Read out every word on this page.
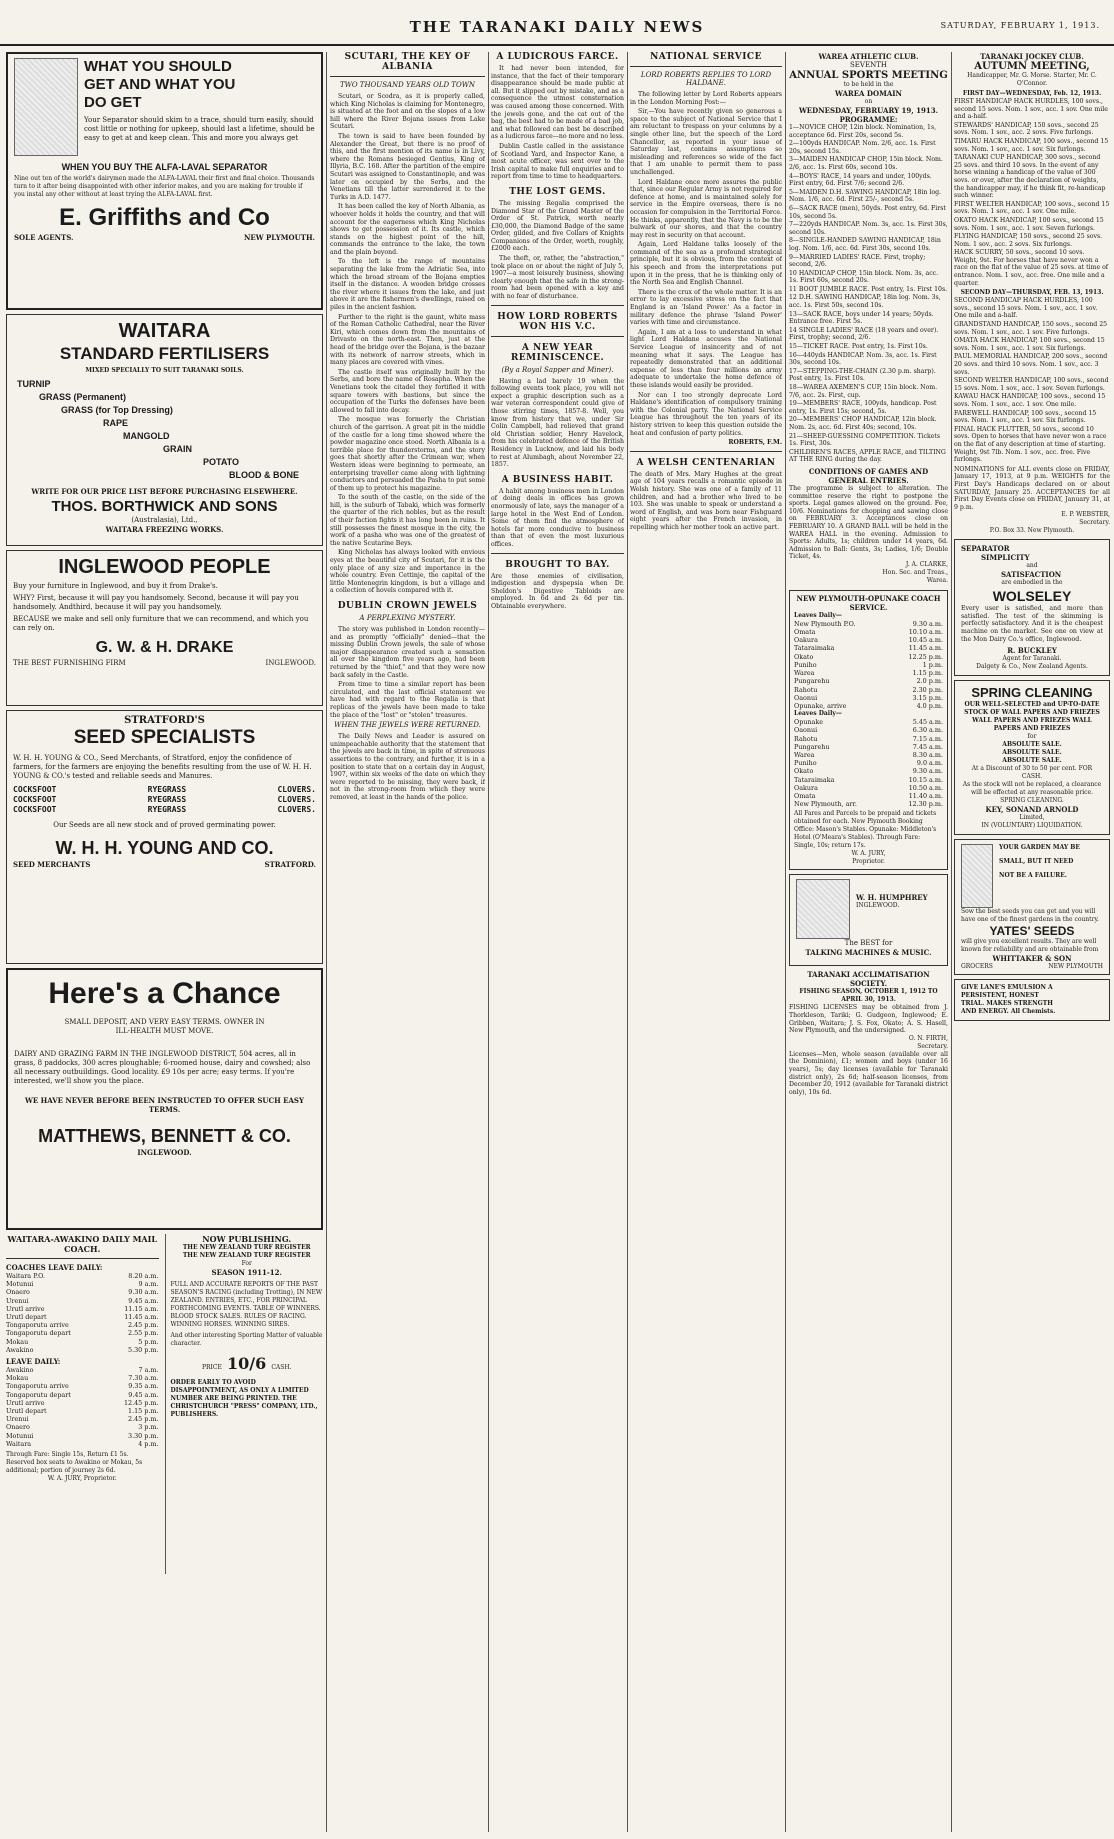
THE TARANAKI DAILY NEWS	SATURDAY, FEBRUARY 1, 1913.
WHAT YOU SHOULD
GET AND WHAT YOU
DO GET
Your Separator should skim to a trace, should turn easily, should cost little or nothing for upkeep, should last a lifetime, should be easy to get at and keep clean. This and more you always get
WHEN YOU BUY THE ALFA-LAVAL SEPARATOR
Nine out ten of the world's dairymen made the ALFA-LAVAL their first and final choice. Thousands turn to it after being disappointed with other inferior makes, and you are making for trouble if you instal any other without at least trying the ALFA-LAVAL first.
E. Griffiths and Co
SOLE AGENTS.	NEW PLYMOUTH.
WAITARA
STANDARD FERTILISERS
MIXED SPECIALLY TO SUIT TARANAKI SOILS.
TURNIP
GRASS (Permanent)
GRASS (for Top Dressing)
RAPE
MANGOLD
GRAIN
POTATO
BLOOD & BONE
WRITE FOR OUR PRICE LIST BEFORE PURCHASING ELSEWHERE.
THOS. BORTHWICK AND SONS
(Australasia), Ltd.,
WAITARA FREEZING WORKS.
INGLEWOOD PEOPLE
Buy your furniture in Inglewood, and buy it from Drake's.
WHY? First, because it will pay you handsomely. Second, because it will pay you handsomely. Andthird, because it will pay you handsomely.
BECAUSE we make and sell only furniture that we can recommend, and which you can rely on.
G. W. & H. DRAKE
THE BEST FURNISHING FIRM	INGLEWOOD.
STRATFORD'S
SEED SPECIALISTS
W. H. H. YOUNG & CO., Seed Merchants, of Stratford, enjoy the confidence of farmers, for the farmers are enjoying the benefits resulting from the use of W. H. H. YOUNG & CO.'s tested and reliable seeds and Manures.
COCKSFOOT	RYEGRASS	CLOVERS.
COCKSFOOT	RYEGRASS	CLOVERS.
COCKSFOOT	RYEGRASS	CLOVERS.
Our Seeds are all new stock and of proved germinating power.
W. H. H. YOUNG AND CO.
SEED MERCHANTS	STRATFORD.
Here's a Chance
SMALL DEPOSIT, AND VERY EASY TERMS. OWNER IN ILL-HEALTH MUST MOVE.
DAIRY AND GRAZING FARM IN THE INGLEWOOD DISTRICT, 504 acres, all in grass, 8 paddocks, 300 acres ploughable; 6-roomed house, dairy and cowshed; also all necessary outbuildings. Good locality. £9 10s per acre; easy terms. If you're interested, we'll show you the place.
WE HAVE NEVER BEFORE BEEN INSTRUCTED TO OFFER SUCH EASY TERMS.
MATTHEWS, BENNETT & CO.
INGLEWOOD.
WAITARA-AWAKINO DAILY MAIL COACH.
COACHES LEAVE DAILY:
Waitara P.O.	8.20 a.m.
Motunui	9 a.m.
Onaero	9.30 a.m.
Urenui	9.45 a.m.
Urutl arrive	11.15 a.m.
Urutl depart	11.45 a.m.
Tongaporutu arrive	2.45 p.m.
Tongaporutu depart	2.55 p.m.
Mokau	5 p.m.
Awakino	5.30 p.m.
LEAVE DAILY:
Awakino	7 a.m.
Mokau	7.30 a.m.
Tongaporutu arrive	9.35 a.m.
Tongaporutu depart	9.45 a.m.
Urutl arrive	12.45 p.m.
Urutl depart	1.15 p.m.
Urenui	2.45 p.m.
Onaero	3 p.m.
Motunui	3.30 p.m.
Waitara	4 p.m.
Through Fare: Single 15s, Return £1 5s. Reserved box seats to Awakino or Mokau, 5s additional; portion of journey 2s 6d.
W. A. JURY, Proprietor.
NOW PUBLISHING.
THE NEW ZEALAND TURF REGISTER
THE NEW ZEALAND TURF REGISTER
For
SEASON 1911-12.
FULL AND ACCURATE REPORTS OF THE PAST SEASON'S RACING (including Trotting), IN NEW ZEALAND. ENTRIES, ETC., FOR PRINCIPAL FORTHCOMING EVENTS. TABLE OF WINNERS. BLOOD STOCK SALES. RULES OF RACING. WINNING HORSES. WINNING SIRES.
And other interesting Sporting Matter of valuable character.
PRICE 10/6 CASH.
ORDER EARLY TO AVOID DISAPPOINTMENT, AS ONLY A LIMITED NUMBER ARE BEING PRINTED. THE CHRISTCHURCH "PRESS" COMPANY, LTD., PUBLISHERS.
SCUTARI, THE KEY OF ALBANIA
TWO THOUSAND YEARS OLD TOWN

Scutari, or Scodra, as it is properly called, which King Nicholas is claiming for Montenegro, is situated at the foot and on the slopes of a low hill where the River Bojana issues from Lake Scutari.

The town is said to have been founded by Alexander the Great, but there is no proof of this, and the first mention of its name is in Livy, where the Romans besieged Gentius, King of Illyria, B.C. 168. After the partition of the empire Scutari was assigned to Constantinople, and was later on occupied by the Serbs, and the Venetians till the latter surrendered it to the Turks in A.D. 1477.

It has been called the key of North Albania, as whoever holds it holds the country, and that will account for the eagerness which King Nicholas shows to get possession of it. Its castle, which stands on the highest point of the hill, commands the entrance to the lake, the town and the plain beyond.

To the left is the range of mountains separating the lake from the Adriatic Sea, into which the broad stream of the Bojana empties itself in the distance. A wooden bridge crosses the river where it issues from the lake, and just above it are the fishermen's dwellings, raised on piles in the ancient fashion.

Further to the right is the gaunt, white mass of the Roman Catholic Cathedral, near the River Kiri, which comes down from the mountains of Drivasto on the north-east. Then, just at the head of the bridge over the Bojana, is the bazaar with its network of narrow streets, which in many places are covered with vines.

The castle itself was originally built by the Serbs, and bore the name of Rosapha. When the Venetians took the citadel they fortified it with square towers with bastions, but since the occupation of the Turks the defenses have been allowed to fall into decay.

The mosque was formerly the Christian church of the garrison. A great pit in the middle of the castle for a long time showed where the powder magazine once stood. North Albania is a terrible place for thunderstorms, and the story goes that shortly after the Crimean war, when Western ideas were beginning to permeate, an enterprising traveller came along with lightning conductors and persuaded the Pasha to put some of them up to protect his magazine.

To the south of the castle, on the side of the hill, is the suburb of Tabaki, which was formerly the quarter of the rich nobles, but as the result of their faction fights it has long been in ruins. It still possesses the finest mosque in the city, the work of a pasha who was one of the greatest of the native Scutarine Beys.

King Nicholas has always looked with envious eyes at the beautiful city of Scutari, for it is the only place of any size and importance in the whole country. Even Cettinje, the capital of the little Montenegrin kingdom, is but a village and a collection of hovels compared with it.

DUBLIN CROWN JEWELS
A PERPLEXING MYSTERY.

The story was published in London recently—and as promptly "officially" denied—that the missing Dublin Crown jewels, the sale of whose major disappearance created such a sensation all over the kingdom five years ago, had been returned by the "thief," and that they were now back safely in the Castle.

From time to time a similar report has been circulated, and the last official statement we have had with regard to the Regalia is that replicas of the jewels have been made to take the place of the "lost" or "stolen" treasures.

WHEN THE JEWELS WERE RETURNED.

The Daily News and Leader is assured on unimpeachable authority that the statement that the jewels are back in time, in spite of strenuous assertions to the contrary, and further, it is in a position to state that on a certain day in August, 1907, within six weeks of the date on which they were reported to be missing, they were back, if not in the strong-room from which they were removed, at least in the hands of the police.

A LUDICROUS FARCE.

It had never been intended, for instance, that the fact of their temporary disappearance should be made public at all. But it slipped out by mistake, and as a consequence the utmost consternation was caused among those concerned. With the jewels gone, and the cat out of the bag, the best had to be made of a bad job, and what followed can best be described as a ludicrous farce—no more and no less.

Dublin Castle called in the assistance of Scotland Yard, and Inspector Kane, a most acute officer, was sent over to the Irish capital to make full enquiries and to report from time to time to headquarters.

THE LOST GEMS.

The missing Regalia comprised the Diamond Star of the Grand Master of the Order of St. Patrick, worth nearly £30,000, the Diamond Badge of the same Order, gilded, and five Collars of Knights Companions of the Order, worth, roughly, £2000 each.

The theft, or, rather, the "abstraction," took place on or about the night of July 5, 1907—a most leisurely business, showing clearly enough that the safe in the strong-room had been opened with a key and with no fear of disturbance.

HOW LORD ROBERTS WON HIS V.C.
A NEW YEAR REMINISCENCE.
(By a Royal Sapper and Miner).

Having a lad barely 19 when the following events took place, you will not expect a graphic description such as a war veteran correspondent could give of those stirring times, 1857-8. Well, you know from history that we, under Sir Colin Campbell, had relieved that grand old Christian soldier, Henry Havelock, from his celebrated defence of the British Residency in Lucknow, and laid his body to rest at Alumbagh, about November 22, 1857.

A BUSINESS HABIT.

A habit among business men in London of doing deals in offices has grown enormously of late, says the manager of a large hotel in the West End of London. Some of them find the atmosphere of hotels far more conducive to business than that of even the most luxurious offices.

BROUGHT TO BAY.
Are those enemies of civilisation, indigestion and dyspepsia when Dr. Sheldon's Digestive Tabloids are employed. In 6d and 2s 6d per tin. Obtainable everywhere.
NATIONAL SERVICE
LORD ROBERTS REPLIES TO LORD HALDANE.

The following letter by Lord Roberts appears in the London Morning Post:—

Sir,—You have recently given so generous a space to the subject of National Service that I am reluctant to trespass on your columns by a single other line, but the speech of the Lord Chancellor, as reported in your issue of Saturday last, contains assumptions so misleading and references so wide of the fact that I am unable to permit them to pass unchallenged.

Lord Haldane once more assures the public that, since our Regular Army is not required for defence at home, and is maintained solely for service in the Empire overseas, there is no occasion for compulsion in the Territorial Force. He thinks, apparently, that the Navy is to be the bulwark of our shores, and that the country may rest in security on that account.

Again, Lord Haldane talks loosely of the command of the sea as a profound strategical principle, but it is obvious, from the context of his speech and from the interpretations put upon it in the press, that he is thinking only of the North Sea and English Channel.

There is the crux of the whole matter. It is an error to lay excessive stress on the fact that England is an 'Island Power.' As a factor in military defence the phrase 'Island Power' varies with time and circumstance.

Again, I am at a loss to understand in what light Lord Haldane accuses the National Service League of insincerity and of not meaning what it says. The League has repeatedly demonstrated that an additional expense of less than four millions an army adequate to undertake the home defence of these islands would easily be provided.

Nor can I too strongly deprecate Lord Haldane's identification of compulsory training with the Colonial party. The National Service League has throughout the ten years of its history striven to keep this question outside the heat and confusion of party politics.

ROBERTS, F.M.
A WELSH CENTENARIAN
The death of Mrs. Mary Hughes at the great age of 104 years recalls a romantic episode in Welsh history. She was one of a family of 11 children, and had a brother who lived to be 103. She was unable to speak or understand a word of English, and was born near Fishguard eight years after the French invasion, in repelling which her mother took an active part.
WAREA ATHLETIC CLUB.
SEVENTH
ANNUAL SPORTS MEETING
to be held in the
WAREA DOMAIN
on
WEDNESDAY, FEBRUARY 19, 1913.
PROGRAMME:
1—NOVICE CHOP, 12in block. Nomination, 1s, acceptance 6d. First 20s, second 5s.
2—100yds HANDICAP. Nom. 2/6, acc. 1s. First 20s, second 15s.
3—MAIDEN HANDICAP CHOP, 15in block. Nom. 2/6, acc. 1s. First 60s, second 10s.
4—BOYS' RACE, 14 years and under, 100yds. First entry, 6d. First 7/6; second 2/6.
5—MAIDEN D.H. SAWING HANDICAP, 18in log. Nom. 1/6, acc. 6d. First 25/-, second 5s.
6—SACK RACE (men), 50yds. Post entry, 6d. First 10s, second 5s.
7—220yds HANDICAP. Nom. 3s, acc. 1s. First 30s, second 10s.
8—SINGLE-HANDED SAWING HANDICAP, 18in log. Nom. 1/6, acc. 6d. First 30s, second 10s.
9—MARRIED LADIES' RACE. First, trophy; second, 2/6.
10 HANDICAP CHOP, 15in block. Nom. 3s, acc. 1s. First 60s, second 20s.
11 BOOT JUMBLE RACE. Post entry, 1s. First 10s.
12 D.H. SAWING HANDICAP, 18in log. Nom. 3s, acc. 1s. First 50s, second 10s.
13—SACK RACE, boys under 14 years; 50yds. Entrance free. First 5s.
14 SINGLE LADIES' RACE (18 years and over). First, trophy; second, 2/6.
15—TICKET RACE. Post entry, 1s. First 10s.
16—440yds HANDICAP. Nom. 3s, acc. 1s. First 30s, second 10s.
17—STEPPING-THE-CHAIN (2.30 p.m. sharp). Post entry, 1s. First 10s.
18—WAREA AXEMEN'S CUP, 15in block. Nom. 7/6, acc. 2s. First, cup.
19—MEMBERS' RACE, 100yds, handicap. Post entry, 1s. First 15s; second, 5s.
20—MEMBERS' CHOP HANDICAP, 12in block. Nom. 2s, acc. 6d. First 40s; second, 10s.
21—SHEEP-GUESSING COMPETITION. Tickets 1s. First, 30s.
CHILDREN'S RACES, APPLE RACE, and TILTING AT THE RING during the day.
CONDITIONS OF GAMES AND GENERAL ENTRIES.
The programme is subject to alteration. The committee reserve the right to postpone the sports. Legal games allowed on the ground. Fee, 10/6. Nominations for chopping and sawing close on FEBRUARY 3. Acceptances close on FEBRUARY 10. A GRAND BALL will be held in the WAREA HALL in the evening. Admission to Sports: Adults, 1s; children under 14 years, 6d. Admission to Ball: Gents, 3s; Ladies, 1/6; Double Ticket, 4s.
J. A. CLARKE,
Hon. Sec. and Treas.,
Warea.
NEW PLYMOUTH-OPUNAKE COACH SERVICE.
Leaves Daily—
New Plymouth P.O.	9.30 a.m.
Omata	10.10 a.m.
Oakura	10.45 a.m.
Tataraimaka	11.45 a.m.
Okato	12.25 p.m.
Puniho	1 p.m.
Warea	1.15 p.m.
Pungarehu	2.0 p.m.
Rahotu	2.30 p.m.
Oaonui	3.15 p.m.
Opunake, arrive	4.0 p.m.
Leaves Daily—
Opunake	5.45 a.m.
Oaonui	6.30 a.m.
Rahotu	7.15 a.m.
Pungarehu	7.45 a.m.
Warea	8.30 a.m.
Puniho	9.0 a.m.
Okato	9.30 a.m.
Tataraimaka	10.15 a.m.
Oakura	10.50 a.m.
Omata	11.40 a.m.
New Plymouth, arr.	12.30 p.m.
All Fares and Parcels to be prepaid and tickets obtained for each. New Plymouth Booking Office: Mason's Stables. Opunake: Middleton's Hotel (O'Meara's Stables). Through Fare: Single, 10s; return 17s.
W. A. JURY,
Proprietor.
W. H. HUMPHREY
INGLEWOOD.
The BEST for
TALKING MACHINES & MUSIC.
TARANAKI ACCLIMATISATION SOCIETY.
FISHING SEASON, OCTOBER 1, 1912 TO APRIL 30, 1913.
FISHING LICENSES may be obtained from J. Thorkleson, Tariki; G. Gudgeon, Inglewood; E. Gribben, Waitara; J. S. Fox, Okato; A. S. Hasell, New Plymouth, and the undersigned.
O. N. FIRTH,
Secretary.
Licenses—Men, whole season (available over all the Dominion), £1; women and boys (under 16 years), 5s; day licenses (available for Taranaki district only), 2s 6d; half-season licenses, from December 20, 1912 (available for Taranaki district only), 10s 6d.
TARANAKI JOCKEY CLUB.
AUTUMN MEETING,
Handicapper, Mr. G. Morse. Starter, Mr. C. O'Connor.
FIRST DAY—WEDNESDAY, Feb. 12, 1913.
FIRST HANDICAP HACK HURDLES, 100 sovs., second 15 sovs. Nom. 1 sov., acc. 1 sov. One mile and a-half.
STEWARDS' HANDICAP, 150 sovs., second 25 sovs. Nom. 1 sov., acc. 2 sovs. Five furlongs.
TIMARU HACK HANDICAP, 100 sovs., second 15 sovs. Nom. 1 sov., acc. 1 sov. Six furlongs.
TARANAKI CUP HANDICAP, 300 sovs., second 25 sovs. and third 10 sovs. In the event of any horse winning a handicap of the value of 300 sovs. or over, after the declaration of weights, the handicapper may, if he think fit, re-handicap such winner.
FIRST WELTER HANDICAP, 100 sovs., second 15 sovs. Nom. 1 sov., acc. 1 sov. One mile.
OKATO HACK HANDICAP, 100 sovs., second 15 sovs. Nom. 1 sov., acc. 1 sov. Seven furlongs.
FLYING HANDICAP, 150 sovs., second 25 sovs. Nom. 1 sov., acc. 2 sovs. Six furlongs.
HACK SCURRY, 50 sovs., second 10 sovs. Weight, 9st. For horses that have never won a race on the flat of the value of 25 sovs. at time of entrance. Nom. 1 sov., acc. free. One mile and a quarter.
SECOND DAY—THURSDAY, FEB. 13, 1913.
SECOND HANDICAP HACK HURDLES, 100 sovs., second 15 sovs. Nom. 1 sov., acc. 1 sov. One mile and a-half.
GRANDSTAND HANDICAP, 150 sovs., second 25 sovs. Nom. 1 sov., acc. 1 sov. Five furlongs.
OMATA HACK HANDICAP, 100 sovs., second 15 sovs. Nom. 1 sov., acc. 1 sov. Six furlongs.
PAUL MEMORIAL HANDICAP, 200 sovs., second 20 sovs. and third 10 sovs. Nom. 1 sov., acc. 3 sovs.
SECOND WELTER HANDICAP, 100 sovs., second 15 sovs. Nom. 1 sov., acc. 1 sov. Seven furlongs.
KAWAU HACK HANDICAP, 100 sovs., second 15 sovs. Nom. 1 sov., acc. 1 sov. One mile.
FAREWELL HANDICAP, 100 sovs., second 15 sovs. Nom. 1 sov., acc. 1 sov. Six furlongs.
FINAL HACK FLUTTER, 50 sovs., second 10 sovs. Open to horses that have never won a race on the flat of any description at time of starting. Weight, 9st 7lb. Nom. 1 sov., acc. free. Five furlongs.
NOMINATIONS for ALL events close on FRIDAY, January 17, 1913, at 9 p.m. WEIGHTS for the First Day's Handicaps declared on or about SATURDAY, January 25. ACCEPTANCES for all First Day Events close on FRIDAY, January 31, at 9 p.m.
E. P. WEBSTER,
Secretary.
P.O. Box 33. New Plymouth.
SEPARATOR
SIMPLICITY
and
SATISFACTION
are embodied in the
WOLSELEY
Every user is satisfied, and more than satisfied. The test of the skimming is perfectly satisfactory. And it is the cheapest machine on the market. See one on view at the Mon Dairy Co.'s office, Inglewood.
R. BUCKLEY
Agent for Taranaki.
Dalgety & Co., New Zealand Agents.
SPRING CLEANING
OUR WELL-SELECTED and UP-TO-DATE STOCK OF WALL PAPERS AND FRIEZES WALL PAPERS AND FRIEZES WALL PAPERS AND FRIEZES
for
ABSOLUTE SALE.
ABSOLUTE SALE.
ABSOLUTE SALE.
At a Discount of 30 to 50 per cent. FOR CASH.
As the stock will not be replaced, a clearance will be effected at any reasonable price.
SPRING CLEANING.
KEY, SONAND ARNOLD
Limited,
IN (VOLUNTARY) LIQUIDATION.
YOUR GARDEN MAY BE
SMALL, BUT IT NEED
NOT BE A FAILURE.
Sow the best seeds you can get and you will have one of the finest gardens in the country.
YATES' SEEDS
will give you excellent results. They are well known for reliability and are obtainable from
WHITTAKER & SON
GROCERS	NEW PLYMOUTH
GIVE LANE'S EMULSION A
PERSISTENT, HONEST
TRIAL. MAKES STRENGTH
AND ENERGY. All Chemists.
